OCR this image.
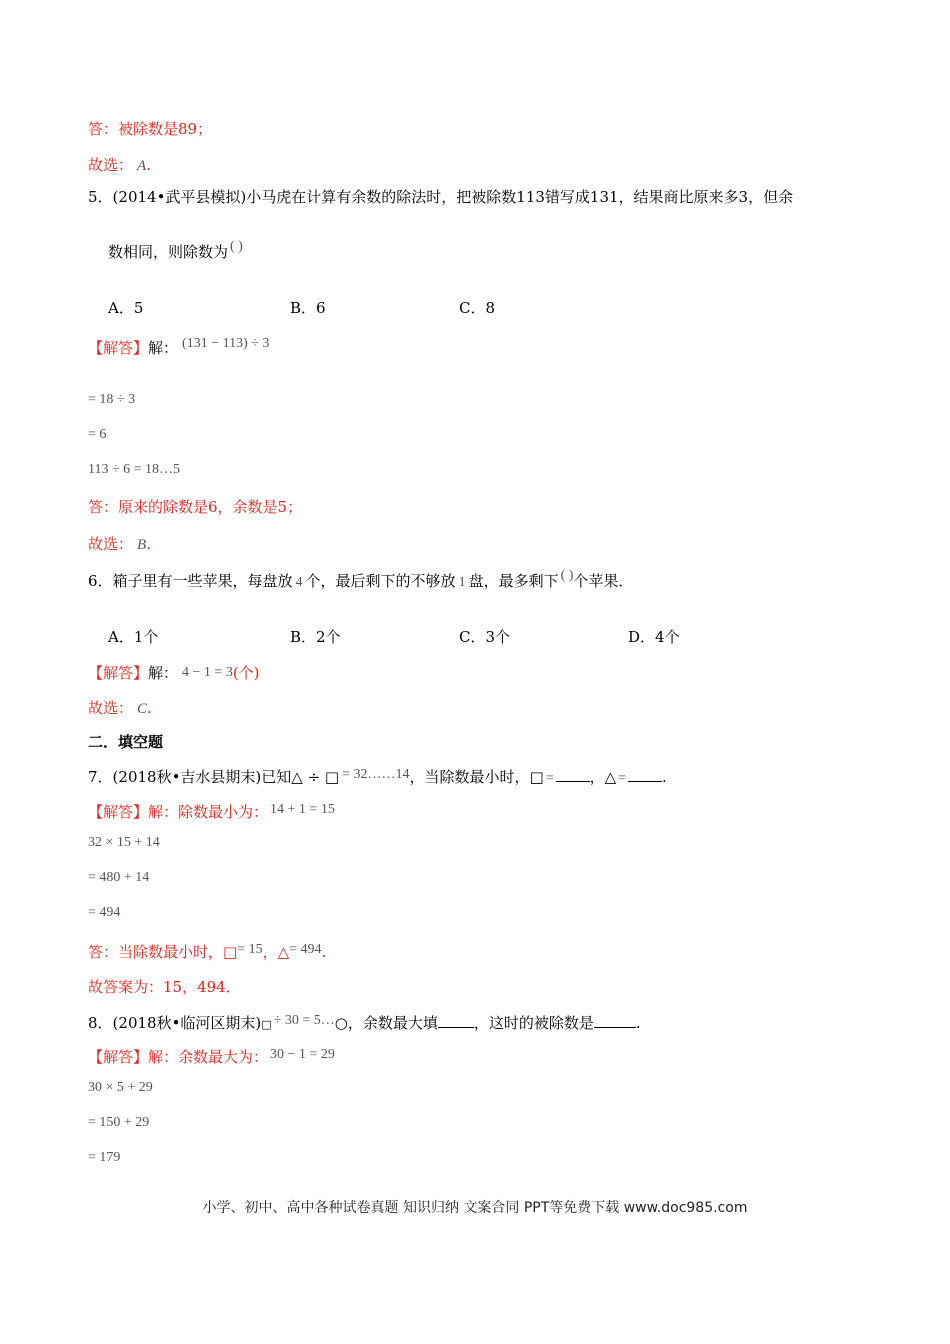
答：被除数是89；
故选： A.
5．(2014•武平县模拟)小马虎在计算有余数的除法时，把被除数113错写成131，结果商比原来多3，但余
数相同，则除数为 ( )
A．5	B．6	C．8
【解答】解： (131 − 113) ÷ 3
= 18 ÷ 3
= 6
113 ÷ 6 = 18…5
答：原来的除数是6，余数是5；
故选： B.
6．箱子里有一些苹果，每盘放 4 个，最后剩下的不够放 1 盘，最多剩下 ( )个苹果．
A．1个	B．2个	C．3个	D．4个
【解答】解： 4 − 1 = 3(个)
故选： C.
二．填空题
7．(2018秋•吉水县期末)已知△ ÷ □ = 32……14，当除数最小时，□ = ，△ = .
【解答】解：除数最小为： 14 + 1 = 15
32 × 15 + 14
= 480 + 14
= 494
答：当除数最小时，□= 15，△= 494.
故答案为：15，494．
8．(2018秋•临河区期末)□ ÷ 30 = 5…○，余数最大填 ，这时的被除数是	.
【解答】解：余数最大为： 30 − 1 = 29
30 × 5 + 29
= 150 + 29
= 179
小学、初中、高中各种试卷真题 知识归纳 文案合同 PPT等免费下载 www.doc985.com
